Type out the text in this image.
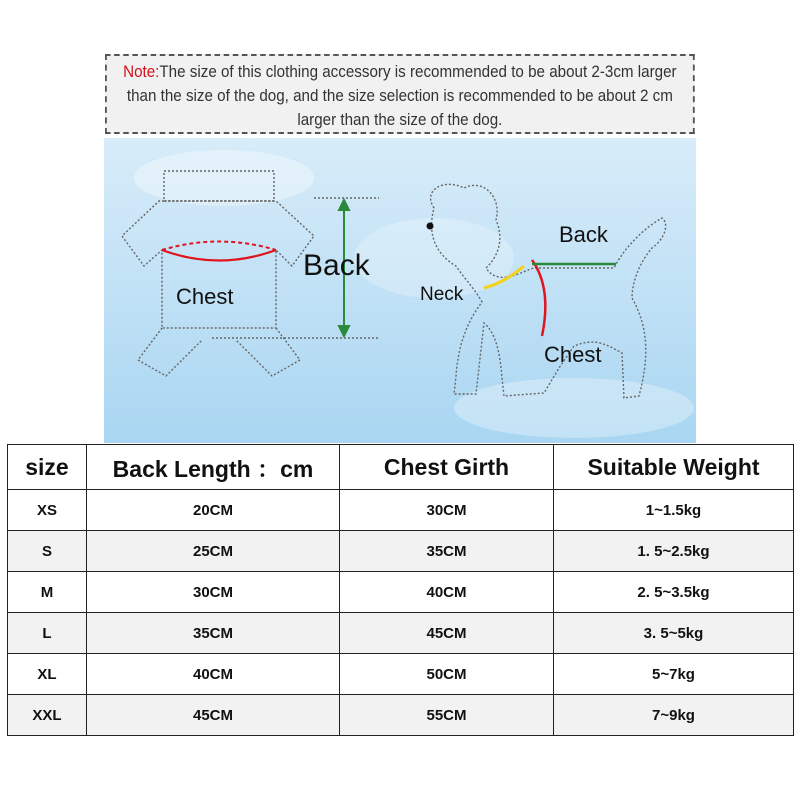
Note:The size of this clothing accessory is recommended to be about 2-3cm larger than the size of the dog, and the size selection is recommended to be about 2 cm larger than the size of the dog.
Back
Chest
Back
Neck
Chest
size	Back Length ：cm	Chest Girth	Suitable Weight
XS	20CM	30CM	1~1.5kg
S	25CM	35CM	1. 5~2.5kg
M	30CM	40CM	2. 5~3.5kg
L	35CM	45CM	3. 5~5kg
XL	40CM	50CM	5~7kg
XXL	45CM	55CM	7~9kg
